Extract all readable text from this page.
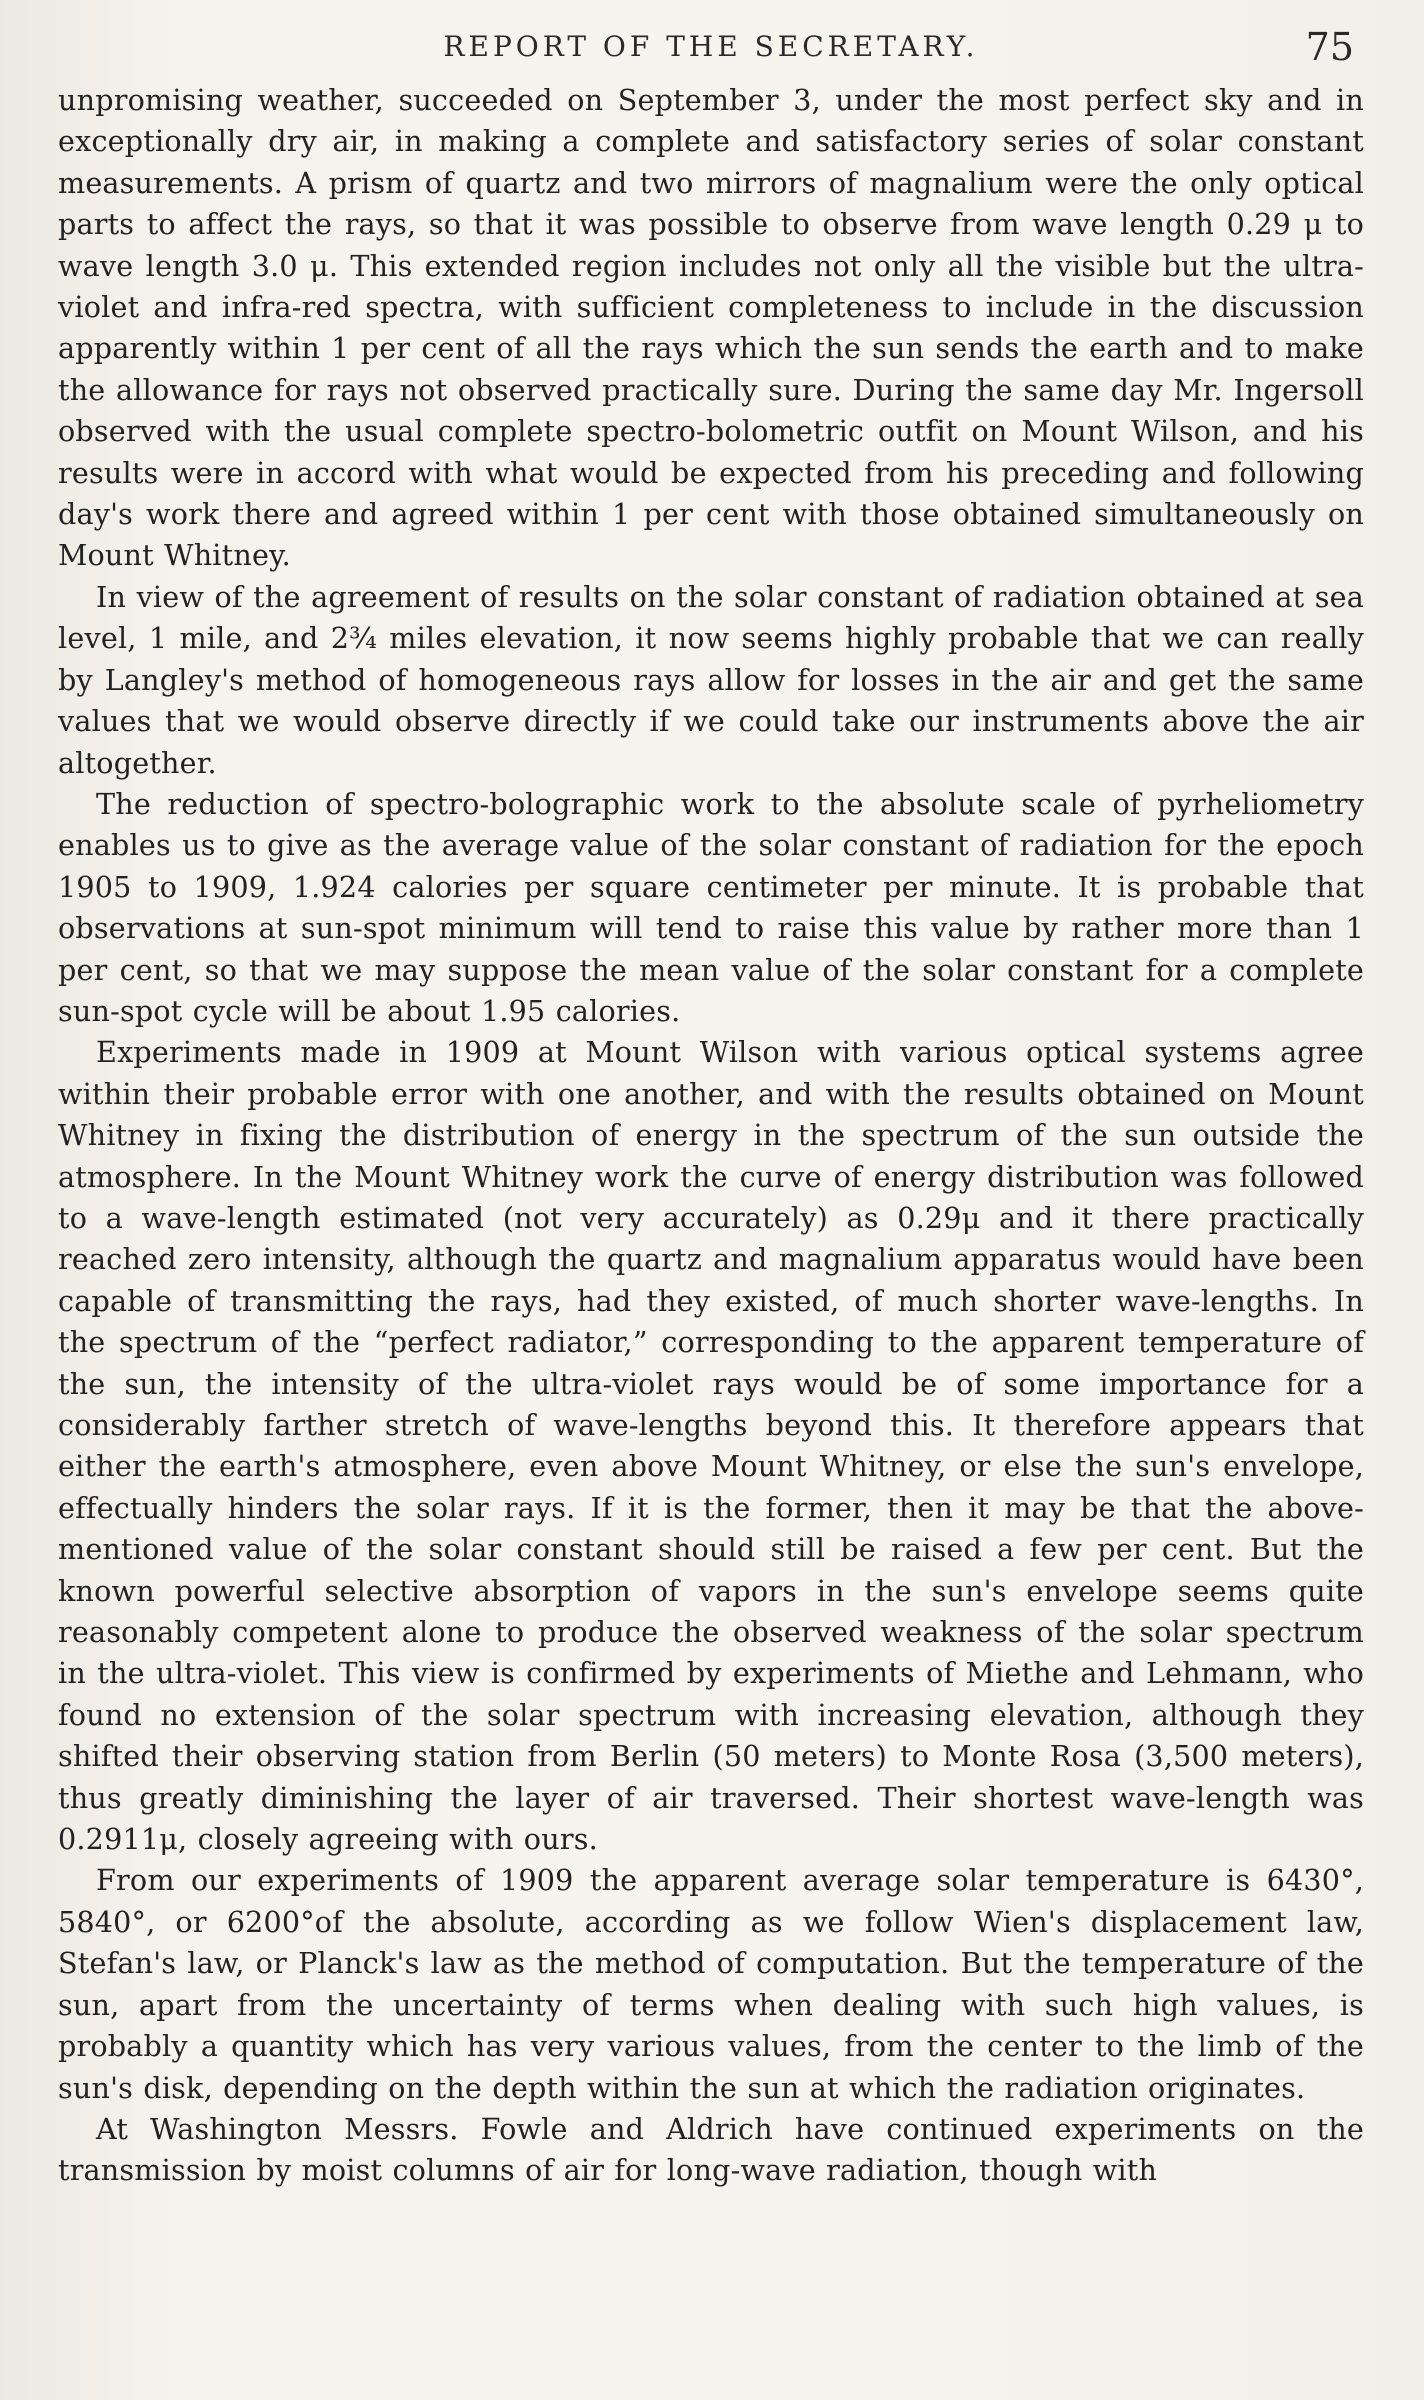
REPORT OF THE SECRETARY.	75

unpromising weather, succeeded on September 3, under the most perfect sky and in exceptionally dry air, in making a complete and satisfactory series of solar constant measurements. A prism of quartz and two mirrors of magnalium were the only optical parts to affect the rays, so that it was possible to observe from wave length 0.29 μ to wave length 3.0 μ. This extended region includes not only all the visible but the ultra-violet and infra-red spectra, with sufficient completeness to include in the discussion apparently within 1 per cent of all the rays which the sun sends the earth and to make the allowance for rays not observed practically sure. During the same day Mr. Ingersoll observed with the usual complete spectro-bolometric outfit on Mount Wilson, and his results were in accord with what would be expected from his preceding and following day's work there and agreed within 1 per cent with those obtained simultaneously on Mount Whitney.

In view of the agreement of results on the solar constant of radiation obtained at sea level, 1 mile, and 2¾ miles elevation, it now seems highly probable that we can really by Langley's method of homogeneous rays allow for losses in the air and get the same values that we would observe directly if we could take our instruments above the air altogether.

The reduction of spectro-bolographic work to the absolute scale of pyrheliometry enables us to give as the average value of the solar constant of radiation for the epoch 1905 to 1909, 1.924 calories per square centimeter per minute. It is probable that observations at sun-spot minimum will tend to raise this value by rather more than 1 per cent, so that we may suppose the mean value of the solar constant for a complete sun-spot cycle will be about 1.95 calories.

Experiments made in 1909 at Mount Wilson with various optical systems agree within their probable error with one another, and with the results obtained on Mount Whitney in fixing the distribution of energy in the spectrum of the sun outside the atmosphere. In the Mount Whitney work the curve of energy distribution was followed to a wave-length estimated (not very accurately) as 0.29μ and it there practically reached zero intensity, although the quartz and magnalium apparatus would have been capable of transmitting the rays, had they existed, of much shorter wave-lengths. In the spectrum of the “perfect radiator,” corresponding to the apparent temperature of the sun, the intensity of the ultra-violet rays would be of some importance for a considerably farther stretch of wave-lengths beyond this. It therefore appears that either the earth's atmosphere, even above Mount Whitney, or else the sun's envelope, effectually hinders the solar rays. If it is the former, then it may be that the above-mentioned value of the solar constant should still be raised a few per cent. But the known powerful selective absorption of vapors in the sun's envelope seems quite reasonably competent alone to produce the observed weakness of the solar spectrum in the ultra-violet. This view is confirmed by experiments of Miethe and Lehmann, who found no extension of the solar spectrum with increasing elevation, although they shifted their observing station from Berlin (50 meters) to Monte Rosa (3,500 meters), thus greatly diminishing the layer of air traversed. Their shortest wave-length was 0.2911μ, closely agreeing with ours.

From our experiments of 1909 the apparent average solar temperature is 6430°, 5840°, or 6200°of the absolute, according as we follow Wien's displacement law, Stefan's law, or Planck's law as the method of computation. But the temperature of the sun, apart from the uncertainty of terms when dealing with such high values, is probably a quantity which has very various values, from the center to the limb of the sun's disk, depending on the depth within the sun at which the radiation originates.

At Washington Messrs. Fowle and Aldrich have continued experiments on the transmission by moist columns of air for long-wave radiation, though with
